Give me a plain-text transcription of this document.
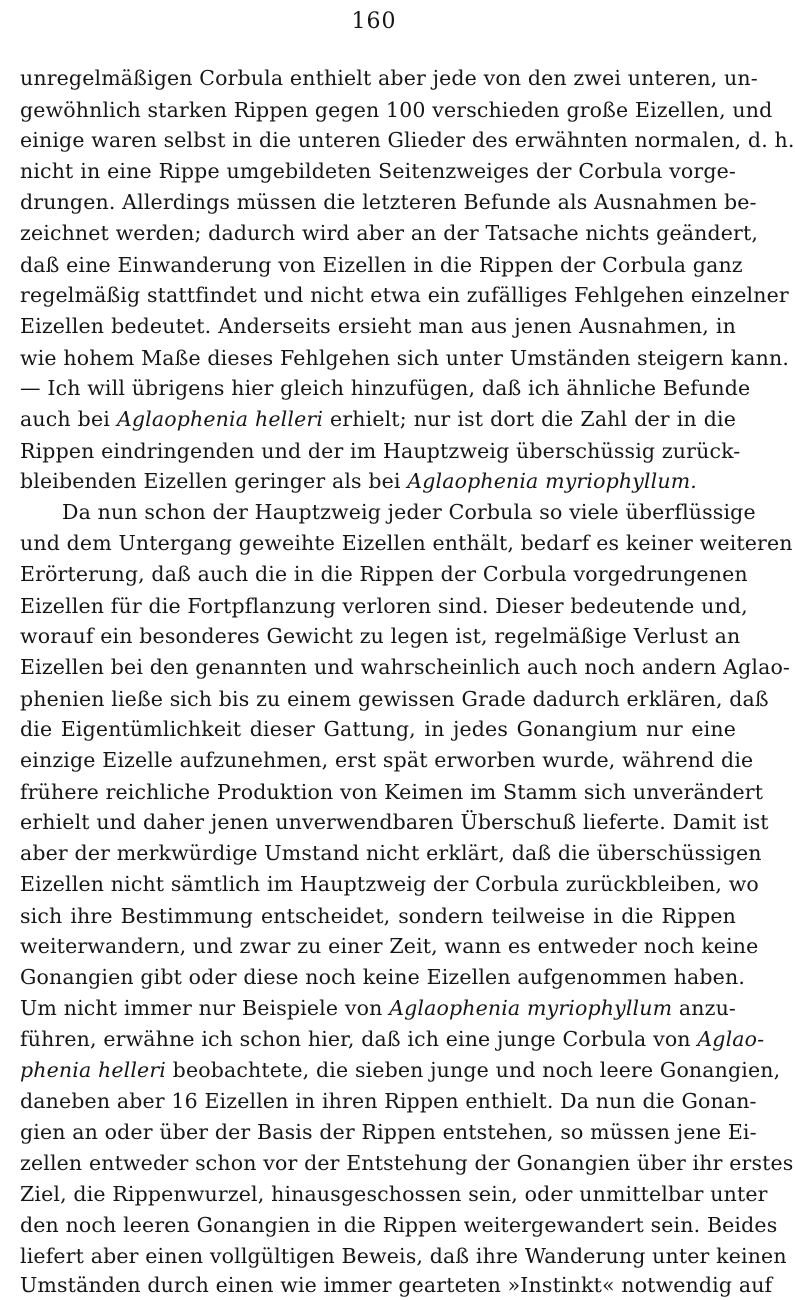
160
unregelmäßigen Corbula enthielt aber jede von den zwei unteren, un-
gewöhnlich starken Rippen gegen 100 verschieden große Eizellen, und
einige waren selbst in die unteren Glieder des erwähnten normalen, d. h.
nicht in eine Rippe umgebildeten Seitenzweiges der Corbula vorge-
drungen. Allerdings müssen die letzteren Befunde als Ausnahmen be-
zeichnet werden; dadurch wird aber an der Tatsache nichts geändert,
daß eine Einwanderung von Eizellen in die Rippen der Corbula ganz
regelmäßig stattfindet und nicht etwa ein zufälliges Fehlgehen einzelner
Eizellen bedeutet. Anderseits ersieht man aus jenen Ausnahmen, in
wie hohem Maße dieses Fehlgehen sich unter Umständen steigern kann.
— Ich will übrigens hier gleich hinzufügen, daß ich ähnliche Befunde
auch bei Aglaophenia helleri erhielt; nur ist dort die Zahl der in die
Rippen eindringenden und der im Hauptzweig überschüssig zurück-
bleibenden Eizellen geringer als bei Aglaophenia myriophyllum.
Da nun schon der Hauptzweig jeder Corbula so viele überflüssige
und dem Untergang geweihte Eizellen enthält, bedarf es keiner weiteren
Erörterung, daß auch die in die Rippen der Corbula vorgedrungenen
Eizellen für die Fortpflanzung verloren sind. Dieser bedeutende und,
worauf ein besonderes Gewicht zu legen ist, regelmäßige Verlust an
Eizellen bei den genannten und wahrscheinlich auch noch andern Aglao-
phenien ließe sich bis zu einem gewissen Grade dadurch erklären, daß
die Eigentümlichkeit dieser Gattung, in jedes Gonangium nur eine
einzige Eizelle aufzunehmen, erst spät erworben wurde, während die
frühere reichliche Produktion von Keimen im Stamm sich unverändert
erhielt und daher jenen unverwendbaren Überschuß lieferte. Damit ist
aber der merkwürdige Umstand nicht erklärt, daß die überschüssigen
Eizellen nicht sämtlich im Hauptzweig der Corbula zurückbleiben, wo
sich ihre Bestimmung entscheidet, sondern teilweise in die Rippen
weiterwandern, und zwar zu einer Zeit, wann es entweder noch keine
Gonangien gibt oder diese noch keine Eizellen aufgenommen haben.
Um nicht immer nur Beispiele von Aglaophenia myriophyllum anzu-
führen, erwähne ich schon hier, daß ich eine junge Corbula von Aglao-
phenia helleri beobachtete, die sieben junge und noch leere Gonangien,
daneben aber 16 Eizellen in ihren Rippen enthielt. Da nun die Gonan-
gien an oder über der Basis der Rippen entstehen, so müssen jene Ei-
zellen entweder schon vor der Entstehung der Gonangien über ihr erstes
Ziel, die Rippenwurzel, hinausgeschossen sein, oder unmittelbar unter
den noch leeren Gonangien in die Rippen weitergewandert sein. Beides
liefert aber einen vollgültigen Beweis, daß ihre Wanderung unter keinen
Umständen durch einen wie immer gearteten »Instinkt« notwendig auf
